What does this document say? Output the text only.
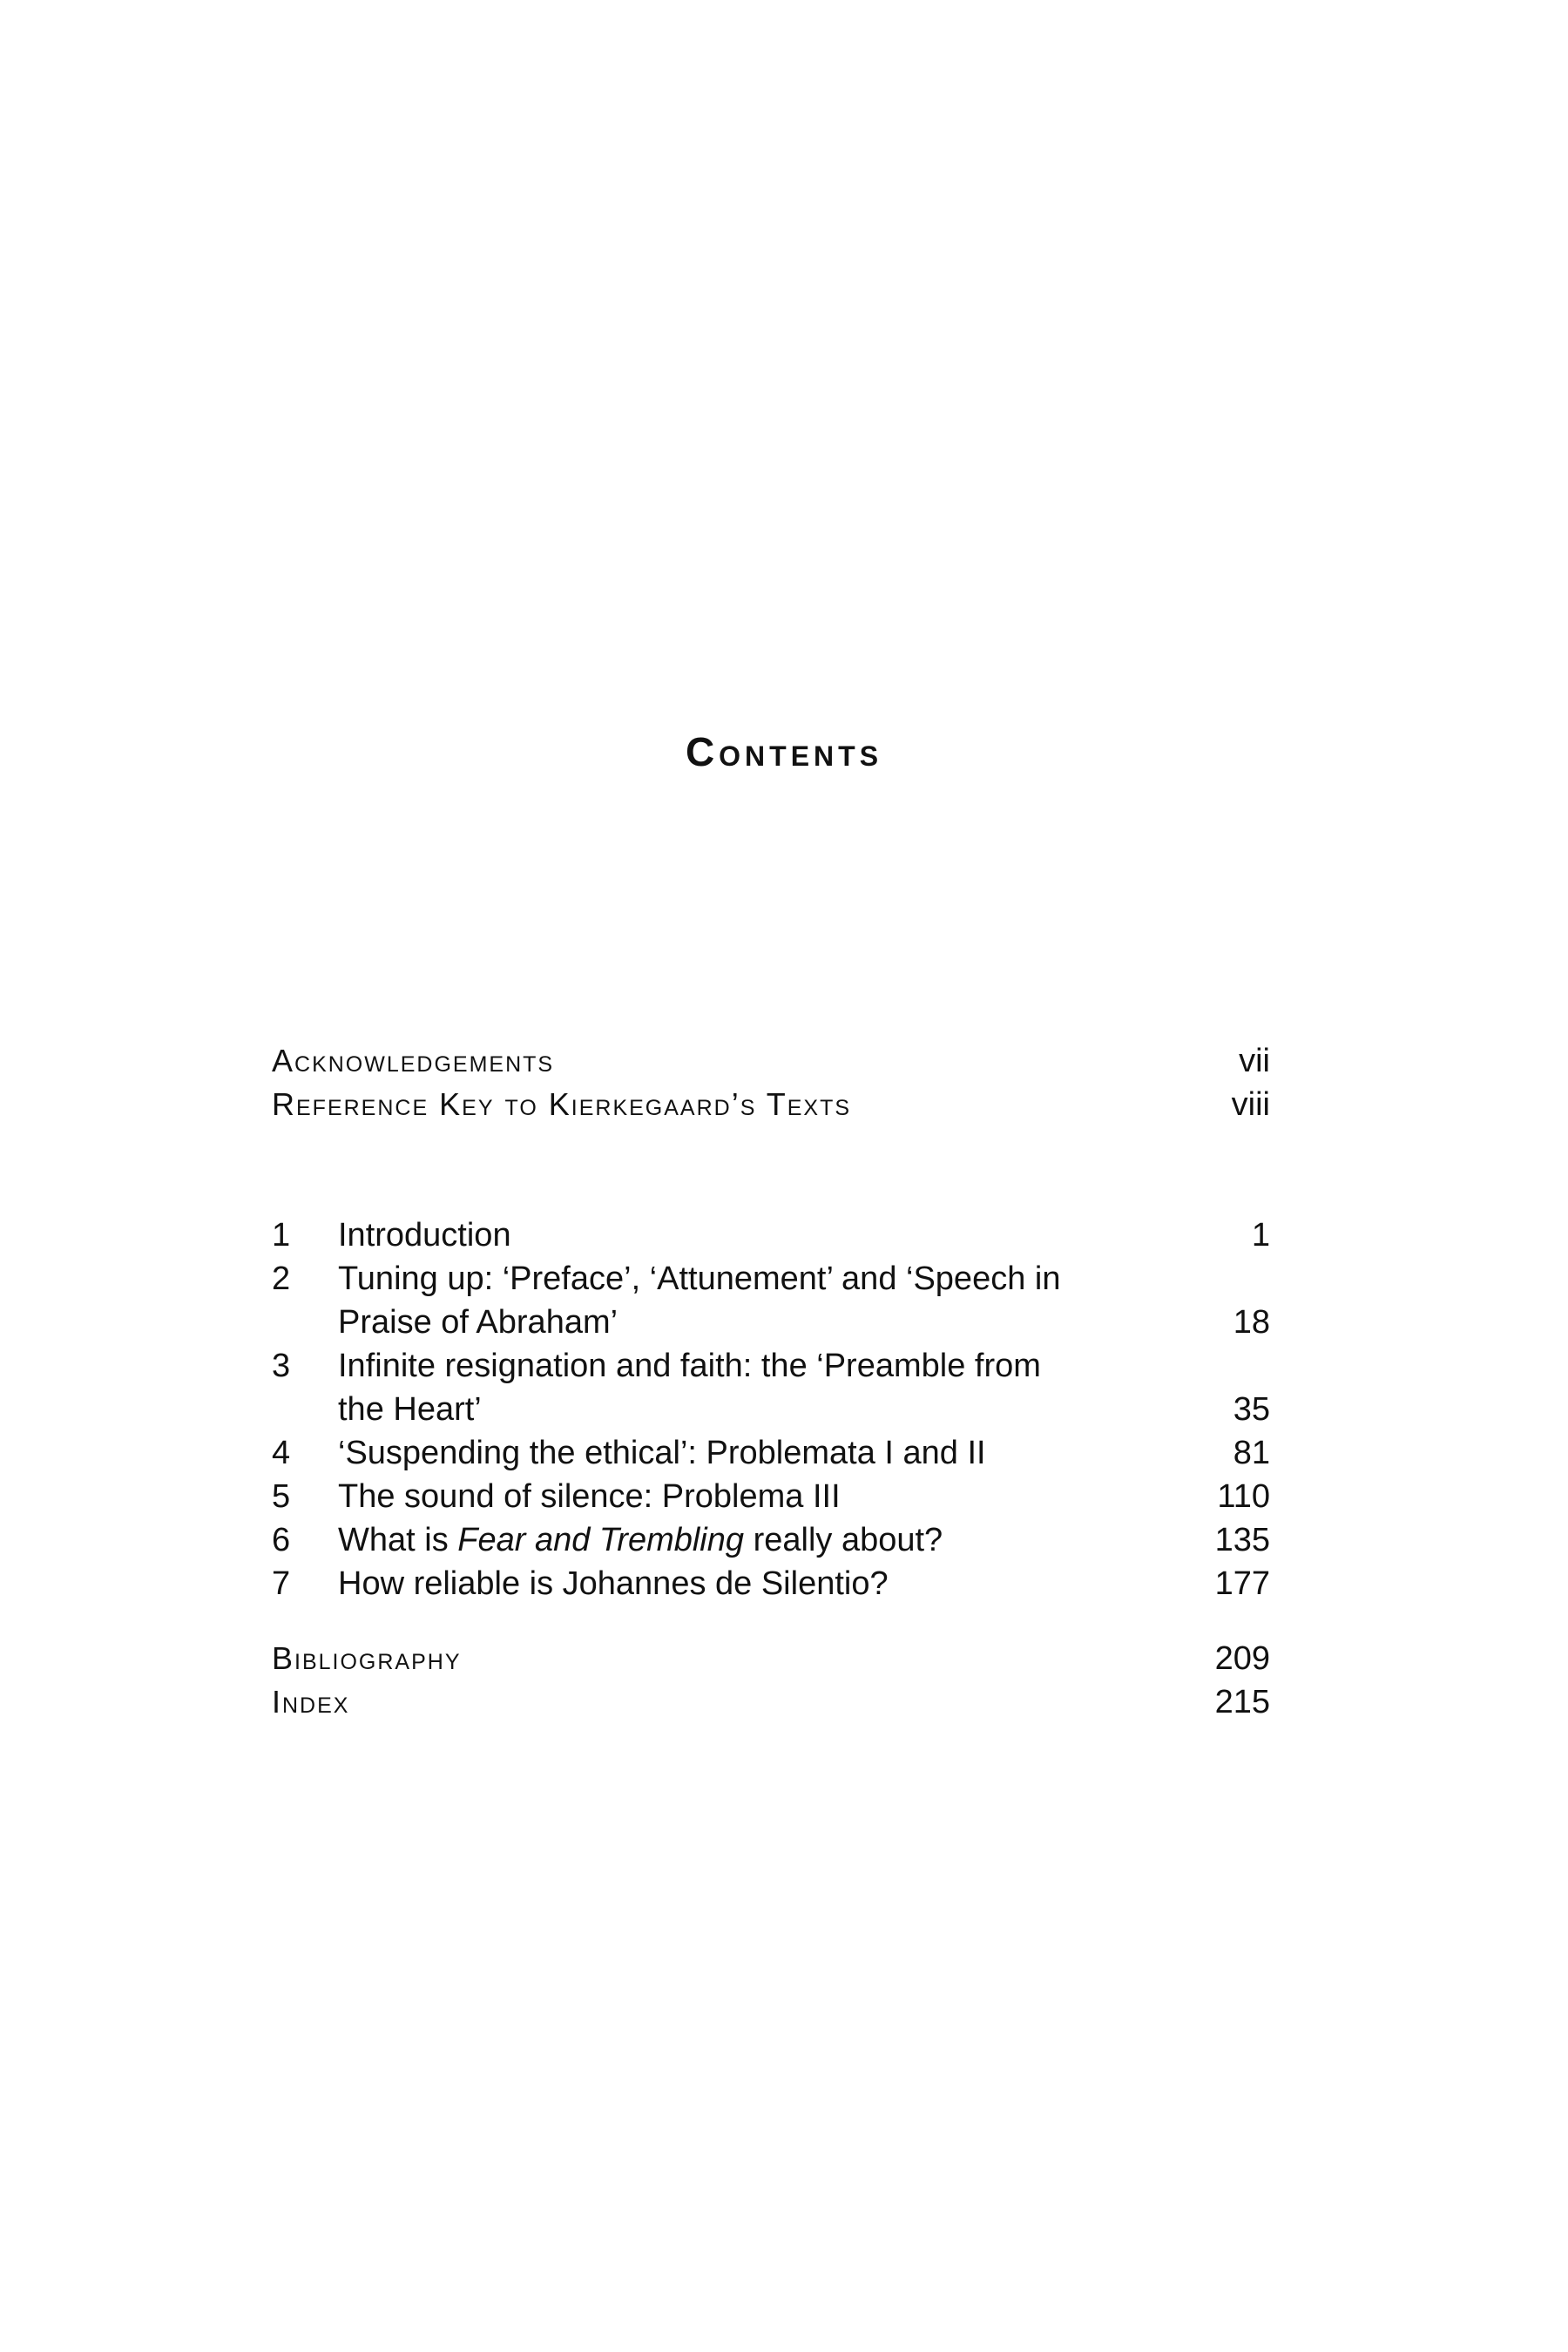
Contents
Acknowledgements	vii
Reference Key to Kierkegaard’s Texts	viii
1 Introduction	1
2 Tuning up: ‘Preface’, ‘Attunement’ and ‘Speech in
Praise of Abraham’	18
3 Infinite resignation and faith: the ‘Preamble from
the Heart’	35
4 ‘Suspending the ethical’: Problemata I and II	81
5 The sound of silence: Problema III	110
6 What is Fear and Trembling really about?	135
7 How reliable is Johannes de Silentio?	177
Bibliography	209
Index	215
